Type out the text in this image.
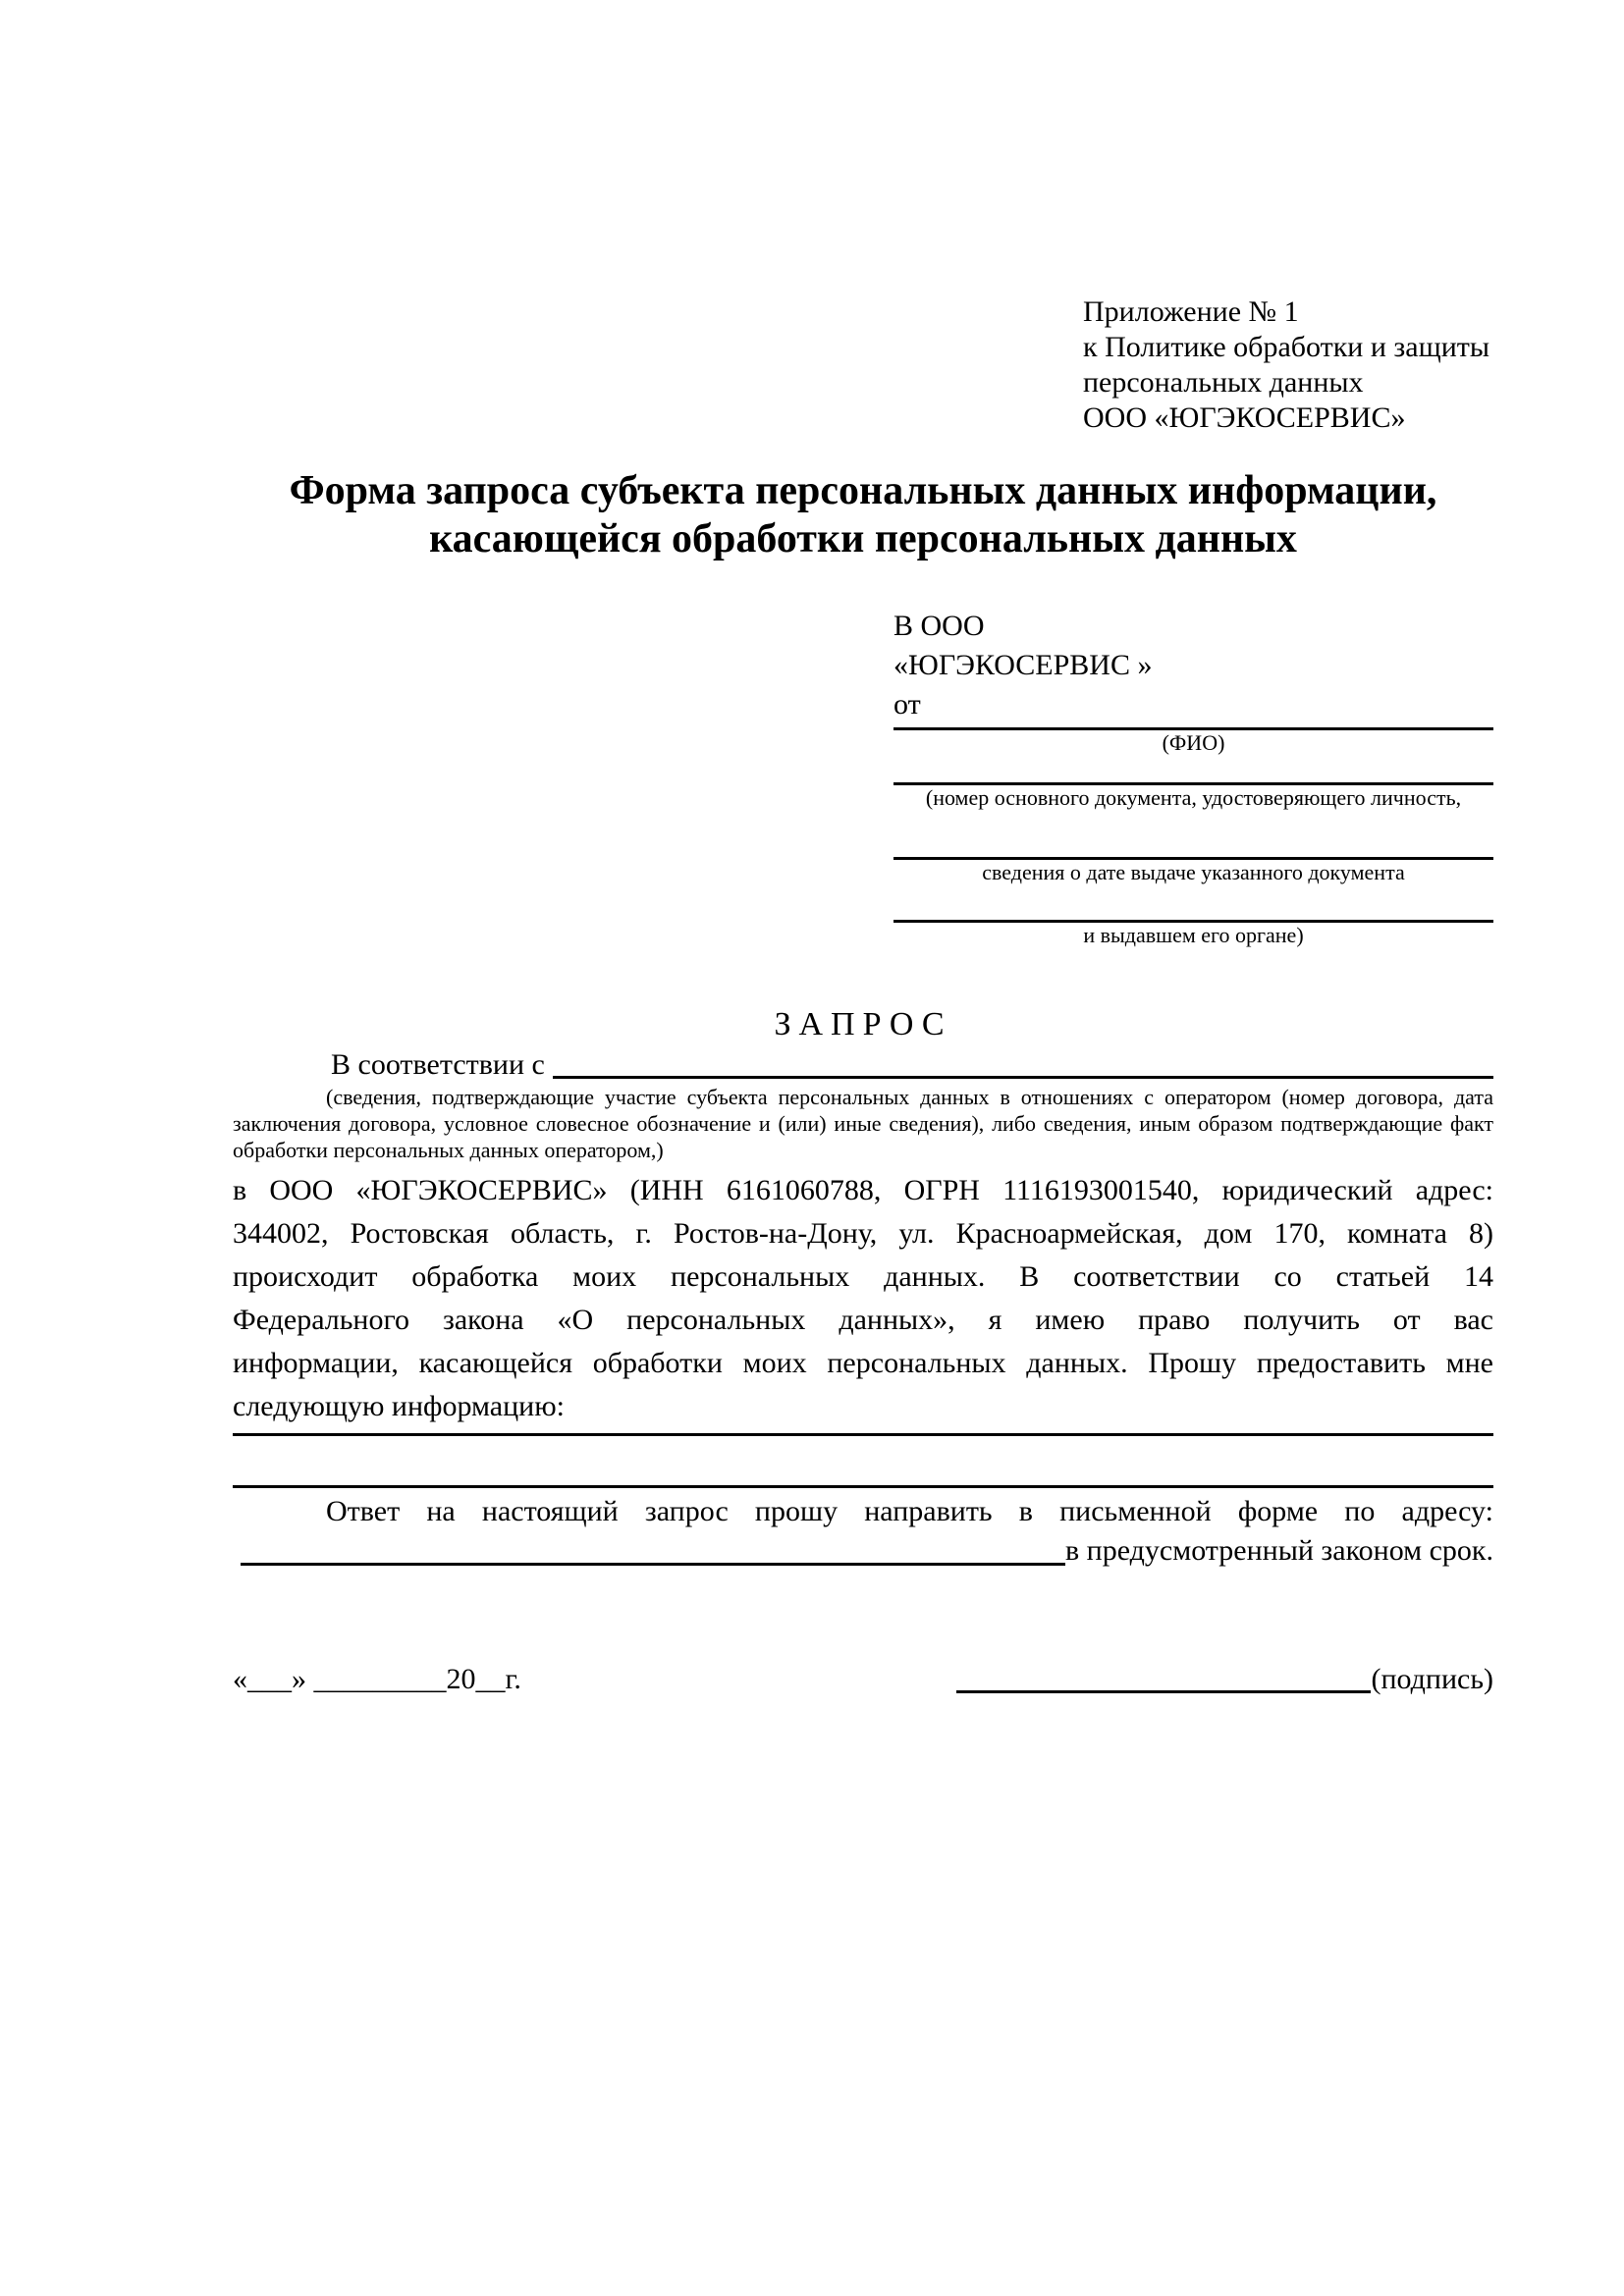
Приложение № 1
к Политике обработки и защиты
персональных данных
ООО «ЮГЭКОСЕРВИС»
Форма запроса субъекта персональных данных информации,
касающейся обработки персональных данных
В ООО
«ЮГЭКОСЕРВИС »
от
(ФИО)
(номер основного документа, удостоверяющего личность,
сведения о дате выдаче указанного документа
и выдавшем его органе)
ЗАПРОС
В соответствии с
(сведения, подтверждающие участие субъекта персональных данных в отношениях с оператором (номер договора, дата
заключения договора, условное словесное обозначение и (или) иные сведения), либо сведения, иным образом подтверждающие факт
обработки персональных данных оператором,)
в ООО «ЮГЭКОСЕРВИС» (ИНН 6161060788, ОГРН 1116193001540, юридический адрес:
344002, Ростовская область, г. Ростов-на-Дону, ул. Красноармейская, дом 170, комната 8)
происходит обработка моих персональных данных. В соответствии со статьей 14
Федерального закона «О персональных данных», я имею право получить от вас
информации, касающейся обработки моих персональных данных. Прошу предоставить мне
следующую информацию:
Ответ на настоящий запрос прошу направить в письменной форме по адресу:
в предусмотренный законом срок.
«___» _________20__г.	(подпись)
